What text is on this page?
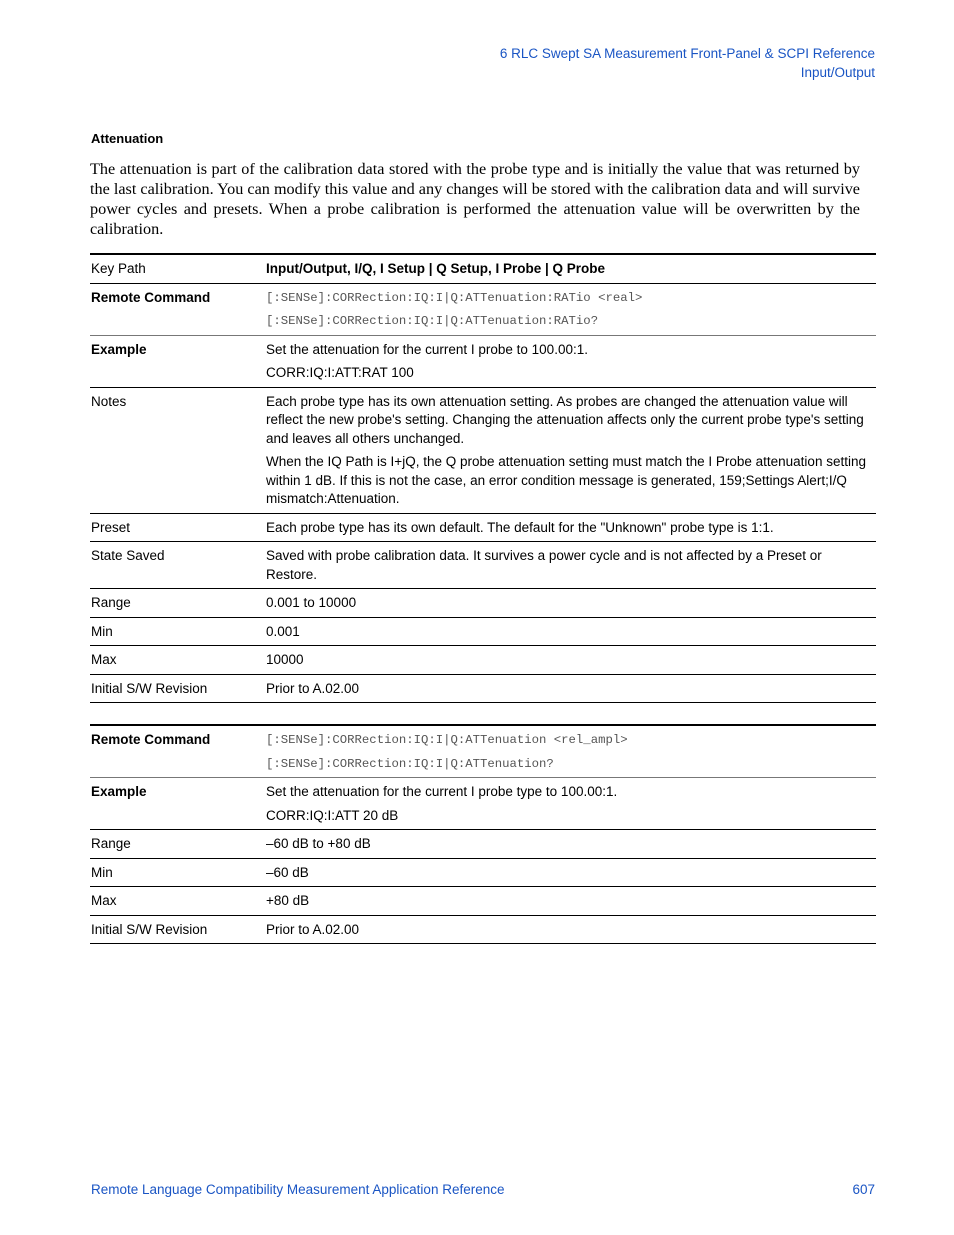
6 RLC Swept SA Measurement Front-Panel & SCPI Reference
Input/Output
Attenuation
The attenuation is part of the calibration data stored with the probe type and is initially the value that was returned by the last calibration. You can modify this value and any changes will be stored with the calibration data and will survive power cycles and presets. When a probe calibration is performed the attenuation value will be overwritten by the calibration.
Key Path	Input/Output, I/Q, I Setup | Q Setup, I Probe | Q Probe
Remote Command	[:SENSe]:CORRection:IQ:I|Q:ATTenuation:RATio <real>

[:SENSe]:CORRection:IQ:I|Q:ATTenuation:RATio?

Example	Set the attenuation for the current I probe to 100.00:1.

CORR:IQ:I:ATT:RAT 100

Notes	Each probe type has its own attenuation setting. As probes are changed the attenuation value will reflect the new probe's setting. Changing the attenuation affects only the current probe type's setting and leaves all others unchanged.

When the IQ Path is I+jQ, the Q probe attenuation setting must match the I Probe attenuation setting within 1 dB. If this is not the case, an error condition message is generated, 159;Settings Alert;I/Q mismatch:Attenuation.

Preset	Each probe type has its own default. The default for the "Unknown" probe type is 1:1.
State Saved	Saved with probe calibration data. It survives a power cycle and is not affected by a Preset or Restore.
Range	0.001 to 10000
Min	0.001
Max	10000
Initial S/W Revision	Prior to A.02.00
Remote Command	[:SENSe]:CORRection:IQ:I|Q:ATTenuation <rel_ampl>

[:SENSe]:CORRection:IQ:I|Q:ATTenuation?

Example	Set the attenuation for the current I probe type to 100.00:1.

CORR:IQ:I:ATT 20 dB

Range	–60 dB to +80 dB
Min	–60 dB
Max	+80 dB
Initial S/W Revision	Prior to A.02.00
Remote Language Compatibility Measurement Application Reference	607
